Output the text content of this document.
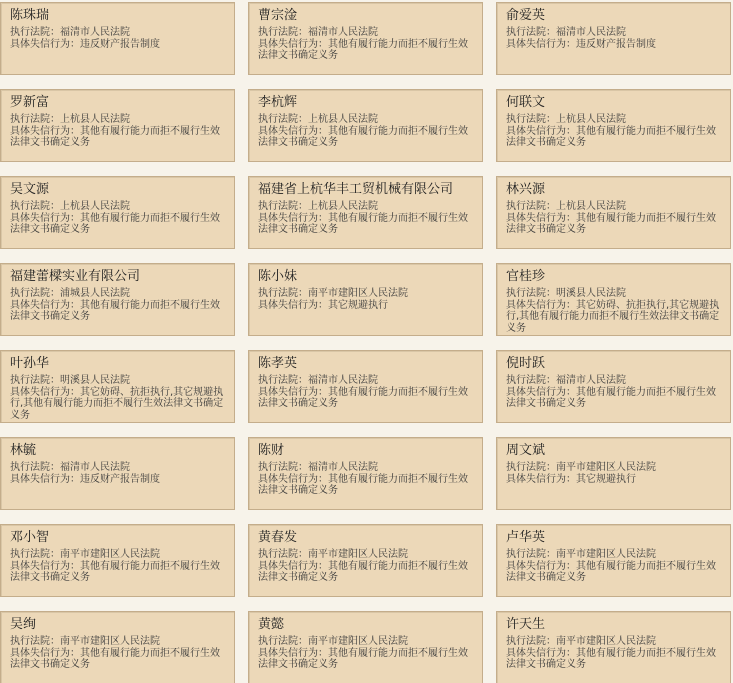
陈珠瑞
执行法院：福清市人民法院
具体失信行为：违反财产报告制度
曹宗淦
执行法院：福清市人民法院
具体失信行为：其他有履行能力而拒不履行生效法律文书确定义务
俞爱英
执行法院：福清市人民法院
具体失信行为：违反财产报告制度
罗新富
执行法院：上杭县人民法院
具体失信行为：其他有履行能力而拒不履行生效法律文书确定义务
李杭辉
执行法院：上杭县人民法院
具体失信行为：其他有履行能力而拒不履行生效法律文书确定义务
何联文
执行法院：上杭县人民法院
具体失信行为：其他有履行能力而拒不履行生效法律文书确定义务
吴文源
执行法院：上杭县人民法院
具体失信行为：其他有履行能力而拒不履行生效法律文书确定义务
福建省上杭华丰工贸机械有限公司
执行法院：上杭县人民法院
具体失信行为：其他有履行能力而拒不履行生效法律文书确定义务
林兴源
执行法院：上杭县人民法院
具体失信行为：其他有履行能力而拒不履行生效法律文书确定义务
福建蕾樑实业有限公司
执行法院：浦城县人民法院
具体失信行为：其他有履行能力而拒不履行生效法律文书确定义务
陈小妹
执行法院：南平市建阳区人民法院
具体失信行为：其它规避执行
官桂珍
执行法院：明溪县人民法院
具体失信行为：其它妨碍、抗拒执行,其它规避执行,其他有履行能力而拒不履行生效法律文书确定义务
叶孙华
执行法院：明溪县人民法院
具体失信行为：其它妨碍、抗拒执行,其它规避执行,其他有履行能力而拒不履行生效法律文书确定义务
陈孝英
执行法院：福清市人民法院
具体失信行为：其他有履行能力而拒不履行生效法律文书确定义务
倪时跃
执行法院：福清市人民法院
具体失信行为：其他有履行能力而拒不履行生效法律文书确定义务
林毓
执行法院：福清市人民法院
具体失信行为：违反财产报告制度
陈财
执行法院：福清市人民法院
具体失信行为：其他有履行能力而拒不履行生效法律文书确定义务
周文斌
执行法院：南平市建阳区人民法院
具体失信行为：其它规避执行
邓小智
执行法院：南平市建阳区人民法院
具体失信行为：其他有履行能力而拒不履行生效法律文书确定义务
黄春发
执行法院：南平市建阳区人民法院
具体失信行为：其他有履行能力而拒不履行生效法律文书确定义务
卢华英
执行法院：南平市建阳区人民法院
具体失信行为：其他有履行能力而拒不履行生效法律文书确定义务
吴绚
执行法院：南平市建阳区人民法院
具体失信行为：其他有履行能力而拒不履行生效法律文书确定义务
黄懿
执行法院：南平市建阳区人民法院
具体失信行为：其他有履行能力而拒不履行生效法律文书确定义务
许天生
执行法院：南平市建阳区人民法院
具体失信行为：其他有履行能力而拒不履行生效法律文书确定义务
